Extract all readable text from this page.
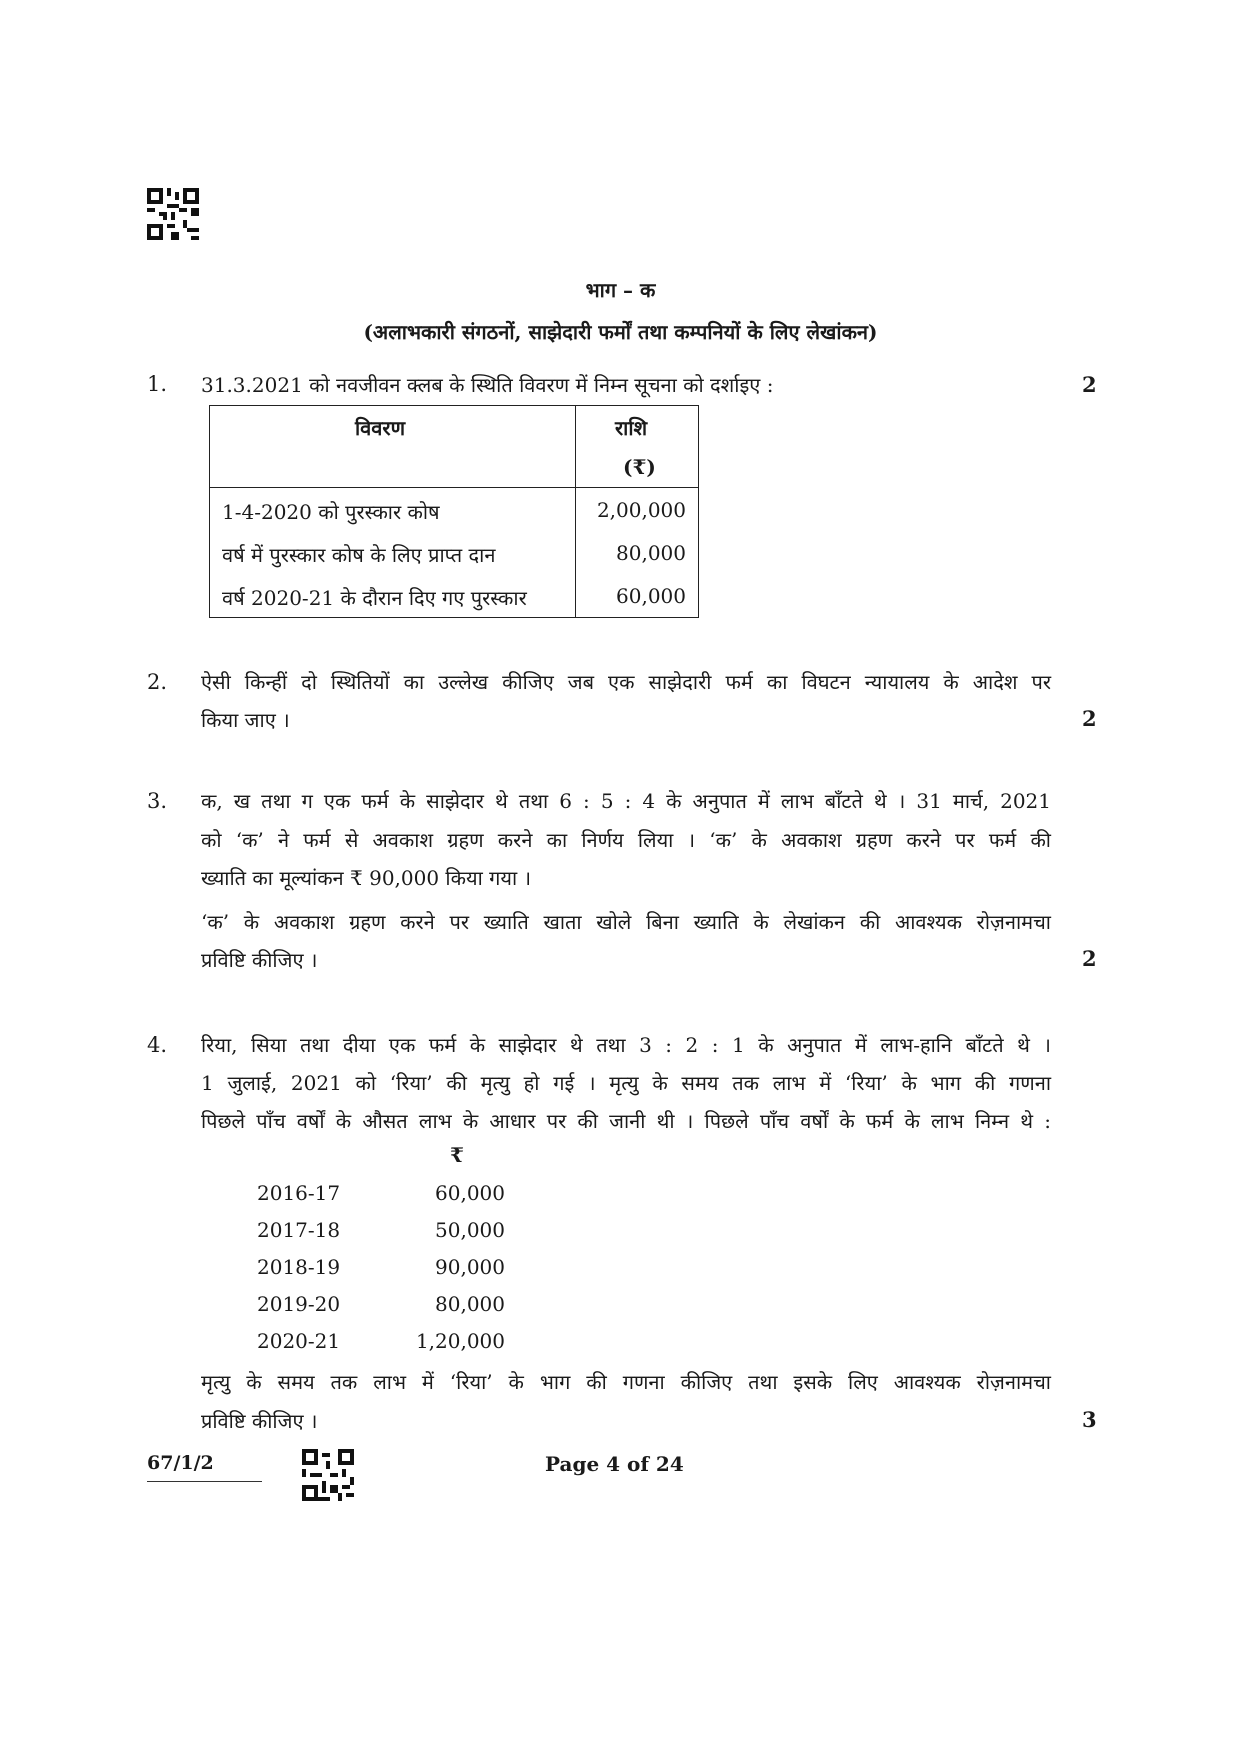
भाग – क
(अलाभकारी संगठनों, साझेदारी फर्मों तथा कम्पनियों के लिए लेखांकन)
1. 31.3.2021 को नवजीवन क्लब के स्थिति विवरण में निम्न सूचना को दर्शाइए :	2
विवरण	राशि
(₹)
1-4-2020 को पुरस्कार कोष	2,00,000
वर्ष में पुरस्कार कोष के लिए प्राप्त दान	80,000
वर्ष 2020-21 के दौरान दिए गए पुरस्कार	60,000
2. ऐसी किन्हीं दो स्थितियों का उल्लेख कीजिए जब एक साझेदारी फर्म का विघटन न्यायालय के आदेश पर
किया जाए ।	2
3. क, ख तथा ग एक फर्म के साझेदार थे तथा 6 : 5 : 4 के अनुपात में लाभ बाँटते थे । 31 मार्च, 2021
को ‘क’ ने फर्म से अवकाश ग्रहण करने का निर्णय लिया । ‘क’ के अवकाश ग्रहण करने पर फर्म की
ख्याति का मूल्यांकन ₹ 90,000 किया गया ।
‘क’ के अवकाश ग्रहण करने पर ख्याति खाता खोले बिना ख्याति के लेखांकन की आवश्यक रोज़नामचा
प्रविष्टि कीजिए ।	2
4. रिया, सिया तथा दीया एक फर्म के साझेदार थे तथा 3 : 2 : 1 के अनुपात में लाभ-हानि बाँटते थे ।
1 जुलाई, 2021 को ‘रिया’ की मृत्यु हो गई । मृत्यु के समय तक लाभ में ‘रिया’ के भाग की गणना
पिछले पाँच वर्षों के औसत लाभ के आधार पर की जानी थी । पिछले पाँच वर्षों के फर्म के लाभ निम्न थे :
₹
2016-17	60,000
2017-18	50,000
2018-19	90,000
2019-20	80,000
2020-21	1,20,000
मृत्यु के समय तक लाभ में ‘रिया’ के भाग की गणना कीजिए तथा इसके लिए आवश्यक रोज़नामचा
प्रविष्टि कीजिए ।	3
67/1/2	Page 4 of 24
